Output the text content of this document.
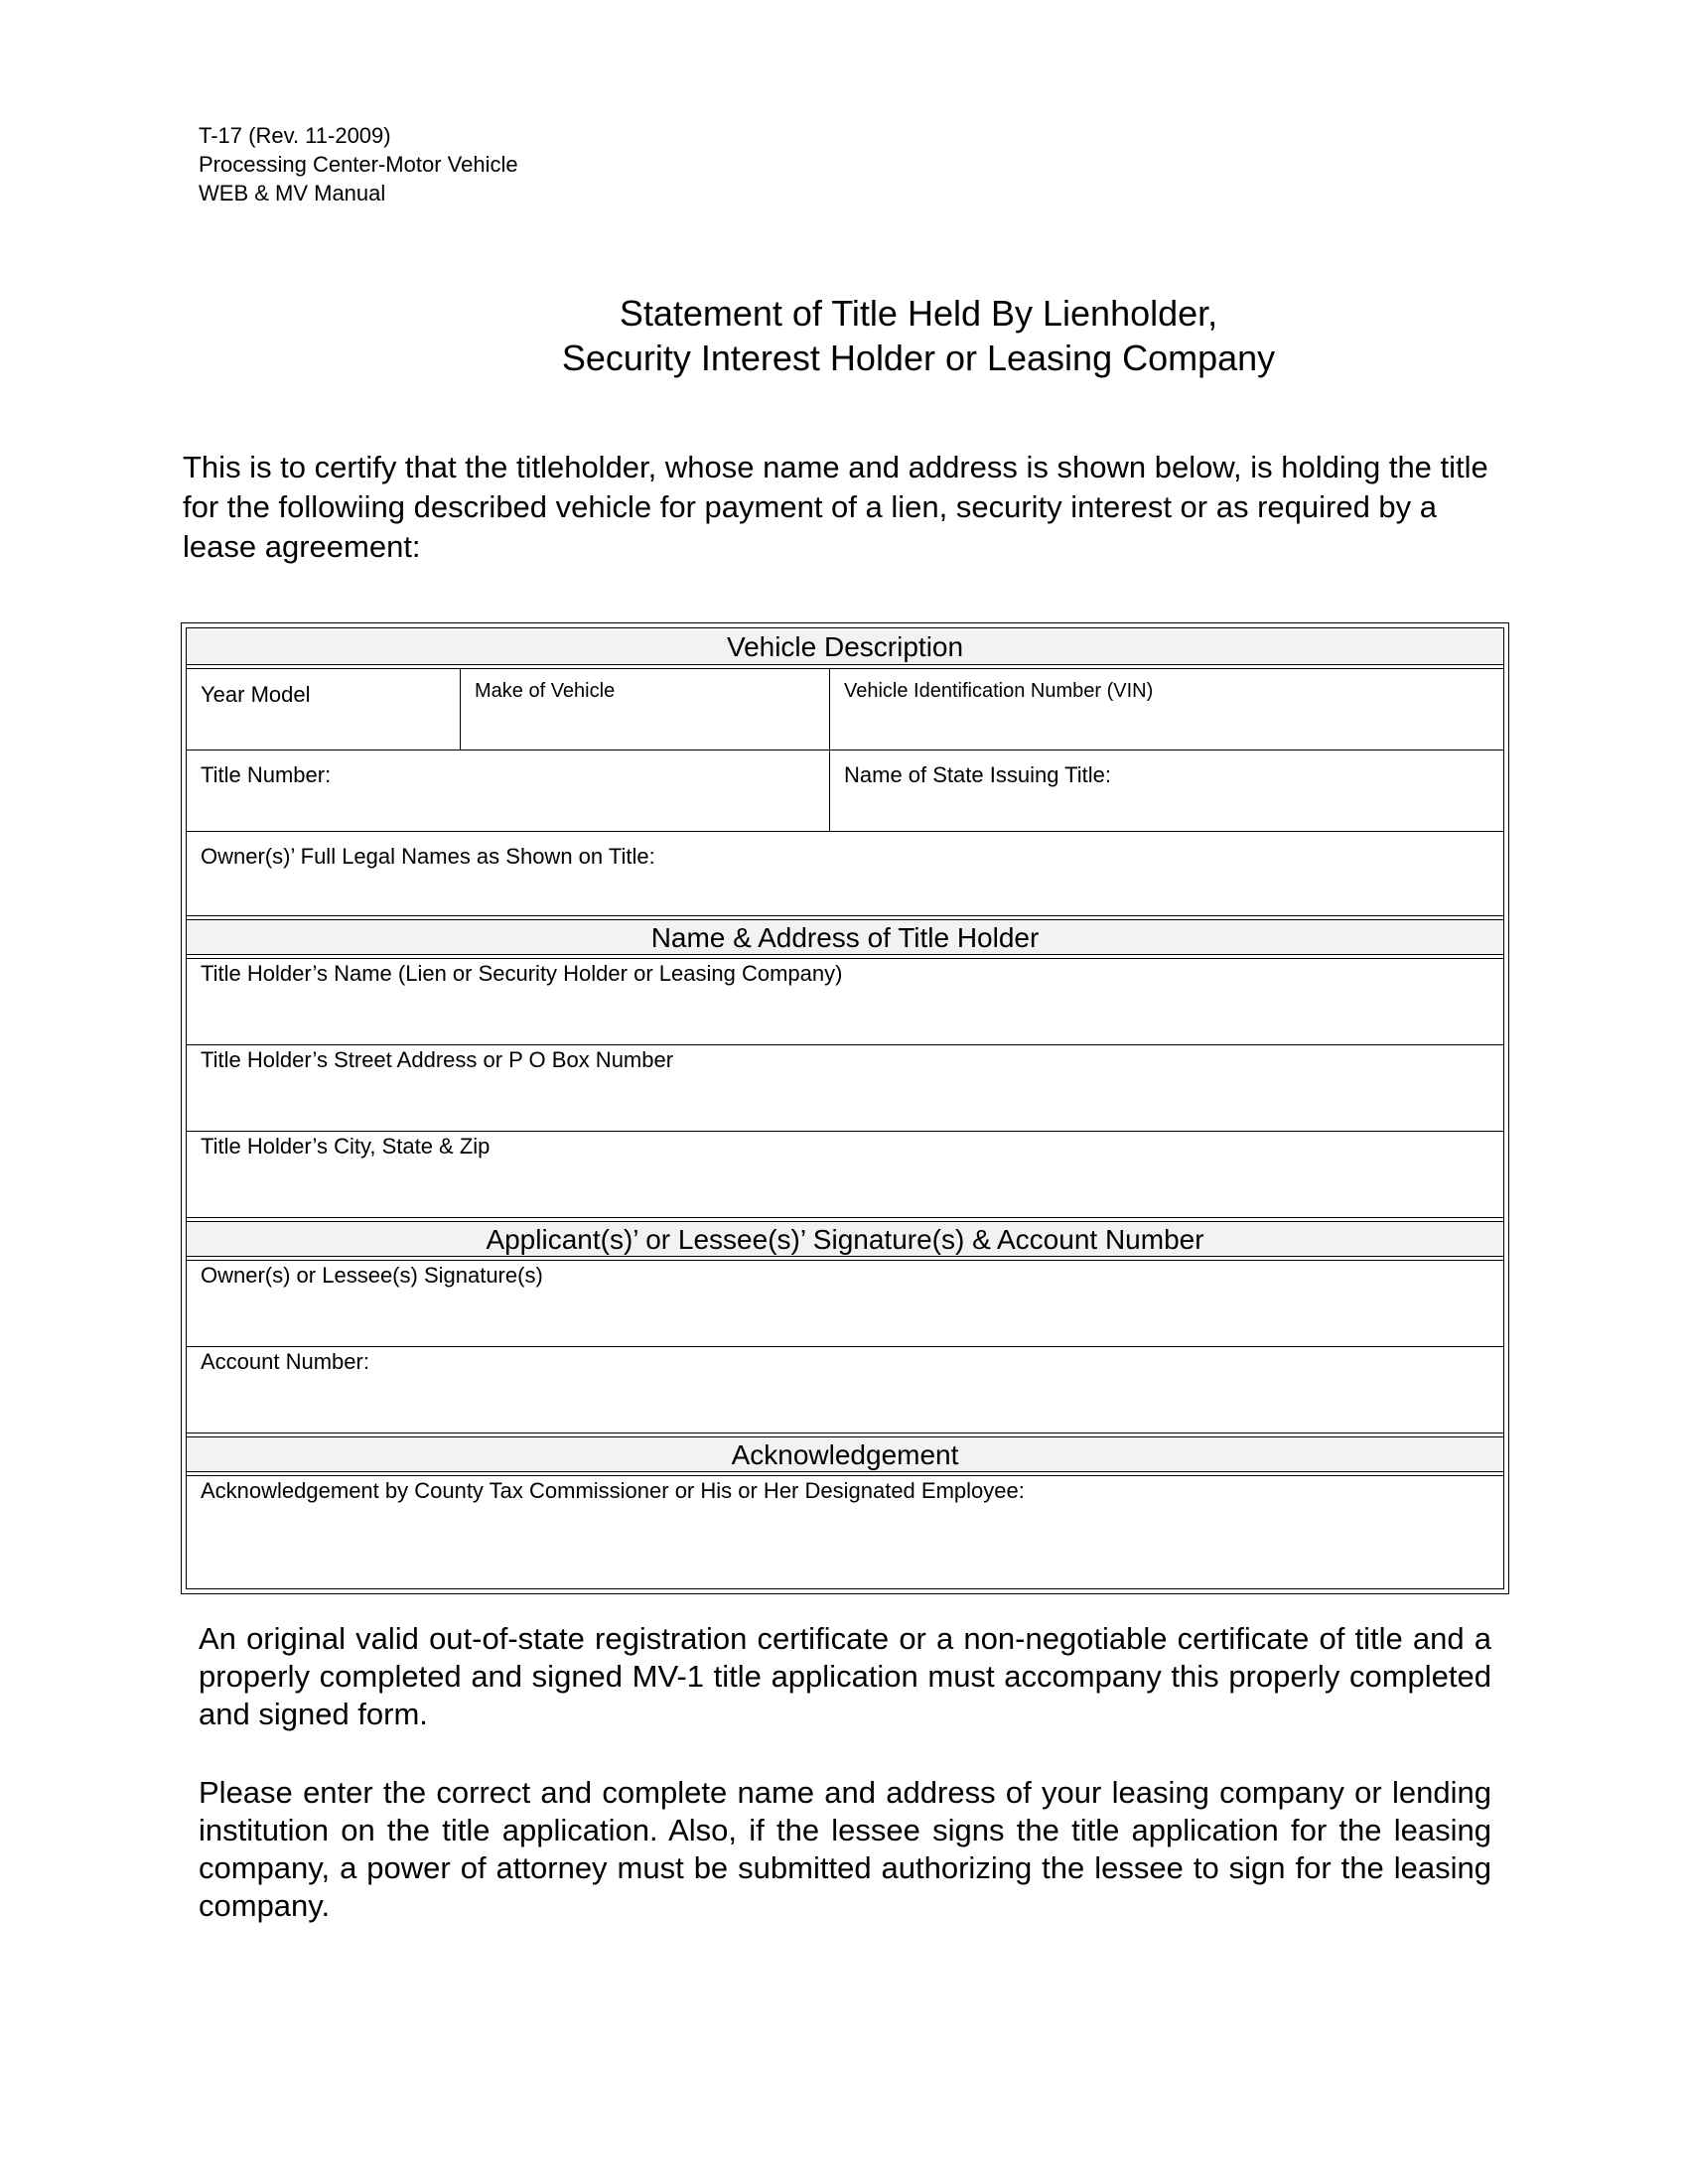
T-17 (Rev. 11-2009)
Processing Center-Motor Vehicle
WEB & MV Manual
Statement of Title Held By Lienholder,
Security Interest Holder or Leasing Company
This is to certify that the titleholder, whose name and address is shown below, is holding the title for the followiing described vehicle for payment of a lien, security interest or as required by a lease agreement:
Vehicle Description
Year Model	Make of Vehicle	Vehicle Identification Number (VIN)
Title Number:	Name of State Issuing Title:
Owner(s)’ Full Legal Names as Shown on Title:
Name & Address of Title Holder
Title Holder’s Name (Lien or Security Holder or Leasing Company)
Title Holder’s Street Address or P O Box Number
Title Holder’s City, State & Zip
Applicant(s)’ or Lessee(s)’ Signature(s) & Account Number
Owner(s) or Lessee(s) Signature(s)
Account Number:
Acknowledgement
Acknowledgement by County Tax Commissioner or His or Her Designated Employee:
An original valid out-of-state registration certificate or a non-negotiable certificate of title and a properly completed and signed MV-1 title application must accompany this properly completed and signed form.
Please enter the correct and complete name and address of your leasing company or lending institution on the title application. Also, if the lessee signs the title application for the leasing company, a power of attorney must be submitted authorizing the lessee to sign for the leasing company.
